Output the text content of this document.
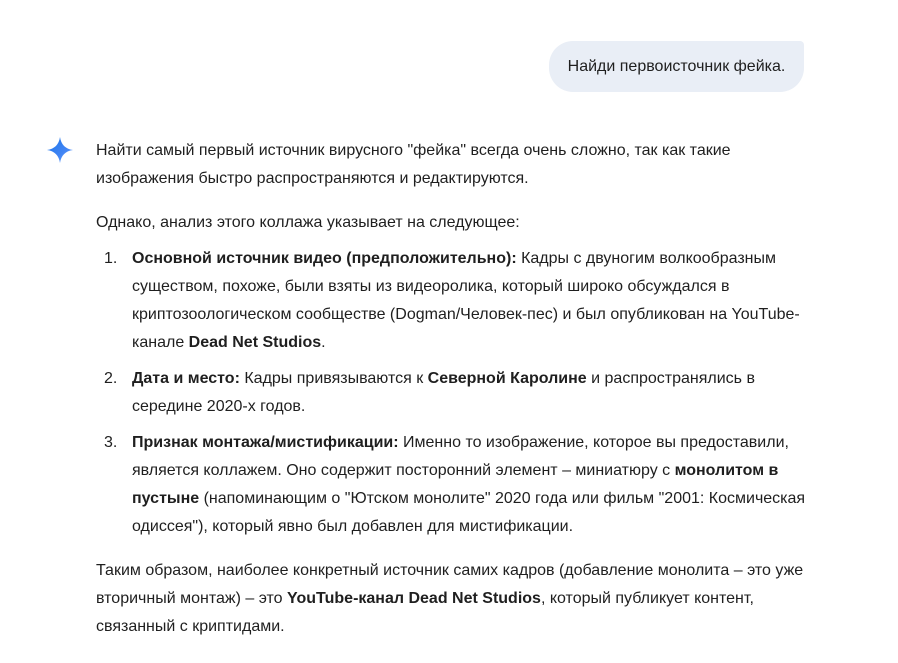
Найди первоисточник фейка.

Найти самый первый источник вирусного "фейка" всегда очень сложно, так как такие изображения быстро распространяются и редактируются.

Однако, анализ этого коллажа указывает на следующее:

1. Основной источник видео (предположительно): Кадры с двуногим волкообразным существом, похоже, были взяты из видеоролика, который широко обсуждался в криптозоологическом сообществе (Dogman/Человек-пес) и был опубликован на YouTube-канале Dead Net Studios.
2. Дата и место: Кадры привязываются к Северной Каролине и распространялись в середине 2020-х годов.
3. Признак монтажа/мистификации: Именно то изображение, которое вы предоставили, является коллажем. Оно содержит посторонний элемент – миниатюру с монолитом в пустыне (напоминающим о "Ютском монолите" 2020 года или фильм "2001: Космическая одиссея"), который явно был добавлен для мистификации.

Таким образом, наиболее конкретный источник самих кадров (добавление монолита – это уже вторичный монтаж) – это YouTube-канал Dead Net Studios, который публикует контент, связанный с криптидами.
